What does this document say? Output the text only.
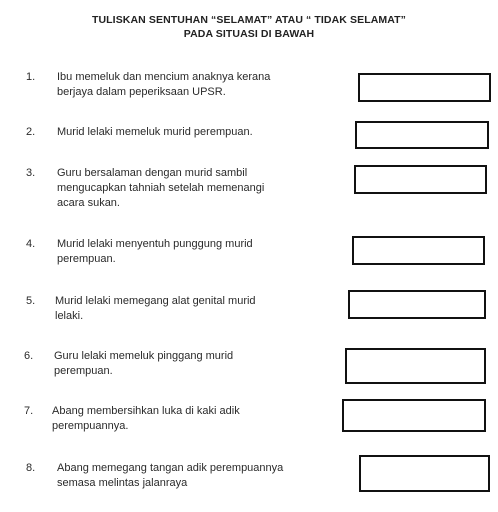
TULISKAN SENTUHAN “SELAMAT” ATAU “ TIDAK SELAMAT”
PADA SITUASI DI BAWAH
1. Ibu memeluk dan mencium anaknya kerana
berjaya dalam peperiksaan UPSR.
2. Murid lelaki memeluk murid perempuan.
3. Guru bersalaman dengan murid sambil
mengucapkan tahniah setelah memenangi
acara sukan.
4. Murid lelaki menyentuh punggung murid
perempuan.
5. Murid lelaki memegang alat genital murid
lelaki.
6. Guru lelaki memeluk pinggang murid
perempuan.
7. Abang membersihkan luka di kaki adik
perempuannya.
8. Abang memegang tangan adik perempuannya
semasa melintas jalanraya
